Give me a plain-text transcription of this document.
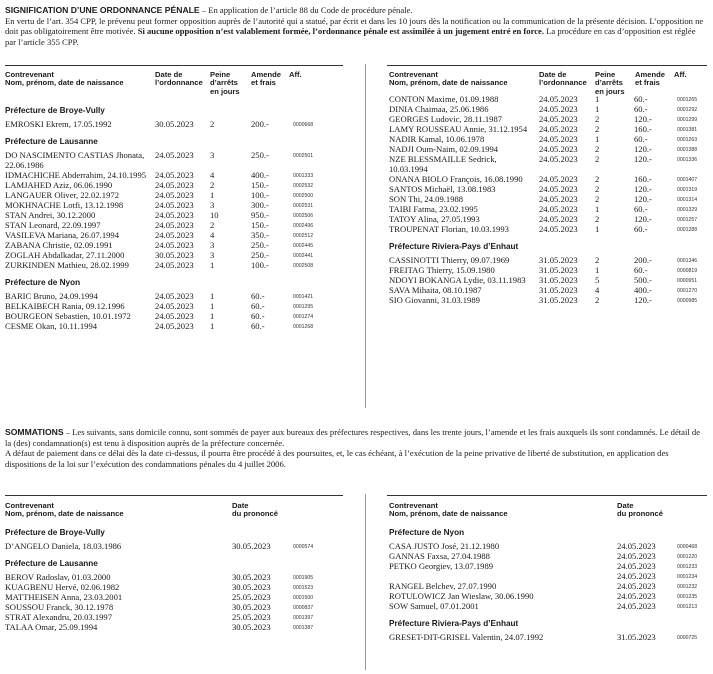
SIGNIFICATION D’UNE ORDONNANCE PÉNALE – En application de l’article 88 du Code de procédure pénale.

En vertu de l’art. 354 CPP, le prévenu peut former opposition auprès de l’autorité qui a statué, par écrit et dans les 10 jours dès la notification ou la communication de la présente décision. L’opposition ne doit pas obligatoirement être motivée. Si aucune opposition n’est valablement formée, l’ordonnance pénale est assimilée à un jugement entré en force. La procédure en cas d’opposition est réglée par l’article 355 CPP.

Contrevenant
Nom, prénom, date de naissance
Date de
l’ordonnance
Peine
d’arrêts
en jours
Amende
et frais
Aff.
Préfecture de Broye-Vully
EMROSKI Ekrem, 17.05.1992	30.05.2023 2	200.-	0000668
Préfecture de Lausanne
DO NASCIMENTO CASTIAS Jhonata, 22.06.1986
24.05.2023 3	250.-	0002501
IDMACHICHE Abderrahim, 24.10.1995	24.05.2023 4	400.-	0001333
LAMJAHED Aziz, 06.06.1990	24.05.2023 2	150.-	0002532
LANGAUER Oliver, 22.02.1972	24.05.2023 1	100.-	0002500
MOKHNACHE Lotfi, 13.12.1998	24.05.2023 3	300.-	0002531
STAN Andrei, 30.12.2000	24.05.2023 10	950.-	0002506
STAN Leonard, 22.09.1997	24.05.2023 2	150.-	0002496
VASILEVA Mariana, 26.07.1994	24.05.2023 4	350.-	0002512
ZABANA Christie, 02.09.1991	24.05.2023 3	250.-	0002445
ZOGLAH Abdalkadar, 27.11.2000	30.05.2023 3	250.-	0002441
ZURKINDEN Mathieu, 28.02.1999	24.05.2023 1	100.-	0002508
Préfecture de Nyon
BARIC Bruno, 24.09.1994	24.05.2023 1	60.-	0001421
BELKAIBECH Rania, 09.12.1996	24.05.2023 1	60.-	0001295
BOURGEON Sebastien, 10.01.1972	24.05.2023 1	60.-	0001274
CESME Okan, 10.11.1994	24.05.2023 1	60.-	0001268
Contrevenant
Nom, prénom, date de naissance
Date de
l’ordonnance
Peine
d’arrêts
en jours
Amende
et frais
Aff.
CONTON Maxime, 01.09.1988	24.05.2023 1	60.-	0001265
DINIA Chaimaa, 25.06.1986	24.05.2023 1	60.-	0001292
GEORGES Ludovic, 28.11.1987	24.05.2023 2	120.-	0001299
LAMY ROUSSEAU Annie, 31.12.1954	24.05.2023 2	160.-	0001381
NADIR Kamal, 10.06.1978	24.05.2023 1	60.-	0001263
NADJI Oum-Naim, 02.09.1994	24.05.2023 2	120.-	0001388
NZE BLESSMAILLE Sedrick, 10.03.1994
24.05.2023 2	120.-	0001336
ONANA BIOLO François, 16.08.1990	24.05.2023 2	160.-	0001407
SANTOS Michaël, 13.08.1983	24.05.2023 2	120.-	0001319
SON Thi, 24.09.1988	24.05.2023 2	120.-	0001314
TAIBI Fatma, 23.02.1995	24.05.2023 1	60.-	0001329
TATOY Alina, 27.05.1993	24.05.2023 2	120.-	0001257
TROUPENAT Florian, 10.03.1993	24.05.2023 1	60.-	0001288
Préfecture Riviera-Pays d’Enhaut
CASSINOTTI Thierry, 09.07.1969	31.05.2023 2	200.-	0001346
FREITAG Thierry, 15.09.1980	31.05.2023 1	60.-	0000819
NDOYI BOKANGA Lydie, 03.11.1983	31.05.2023 5	500.-	0000951
SAVA Mihaita, 08.10.1987	31.05.2023 4	400.-	0001270
SIO Giovanni, 31.03.1989	31.05.2023 2	120.-	0000985

SOMMATIONS – Les suivants, sans domicile connu, sont sommés de payer aux bureaux des préfectures respectives, dans les trente jours, l’amende et les frais auxquels ils sont condamnés. Le détail de la (des) condamnation(s) est tenu à disposition auprès de la préfecture concernée.

A défaut de paiement dans ce délai dès la date ci-dessus, il pourra être procédé à des poursuites, et, le cas échéant, à l’exécution de la peine privative de liberté de substitution, en application des dispositions de la loi sur l’exécution des condamnations pénales du 4 juillet 2006.

Contrevenant
Nom, prénom, date de naissance
Date
du prononcé
Préfecture de Broye-Vully
D’ANGELO Daniela, 18.03.1986	30.05.2023	0000574
Préfecture de Lausanne
BEROV Radoslav, 01.03.2000	30.05.2023	0001905
KUAGBENU Hervé, 02.06.1982	30.05.2023	0001523
MATTHEISEN Anna, 23.03.2001	25.05.2023	0001500
SOUSSOU Franck, 30.12.1978	30.05.2023	0000837
STRAT Alexandru, 20.03.1997	25.05.2023	0001397
TALAA Omar, 25.09.1994	30.05.2023	0001387
Contrevenant
Nom, prénom, date de naissance
Date
du prononcé
Préfecture de Nyon
CASA JUSTO José, 21.12.1980	24.05.2023	0000468
GANNAS Faxsa, 27.04.1988	24.05.2023	0001220
PETKO Georgiev, 13.07.1989	24.05.2023	0001233
24.05.2023	0001234
RANGEL Belchev, 27.07.1990	24.05.2023	0001232
ROTULOWICZ Jan Wieslaw, 30.06.1990	24.05.2023	0001235
SOW Samuel, 07.01.2001	24.05.2023	0001213
Préfecture Riviera-Pays d’Enhaut
GRESET-DIT-GRISEL Valentin, 24.07.1992	31.05.2023	0000725
